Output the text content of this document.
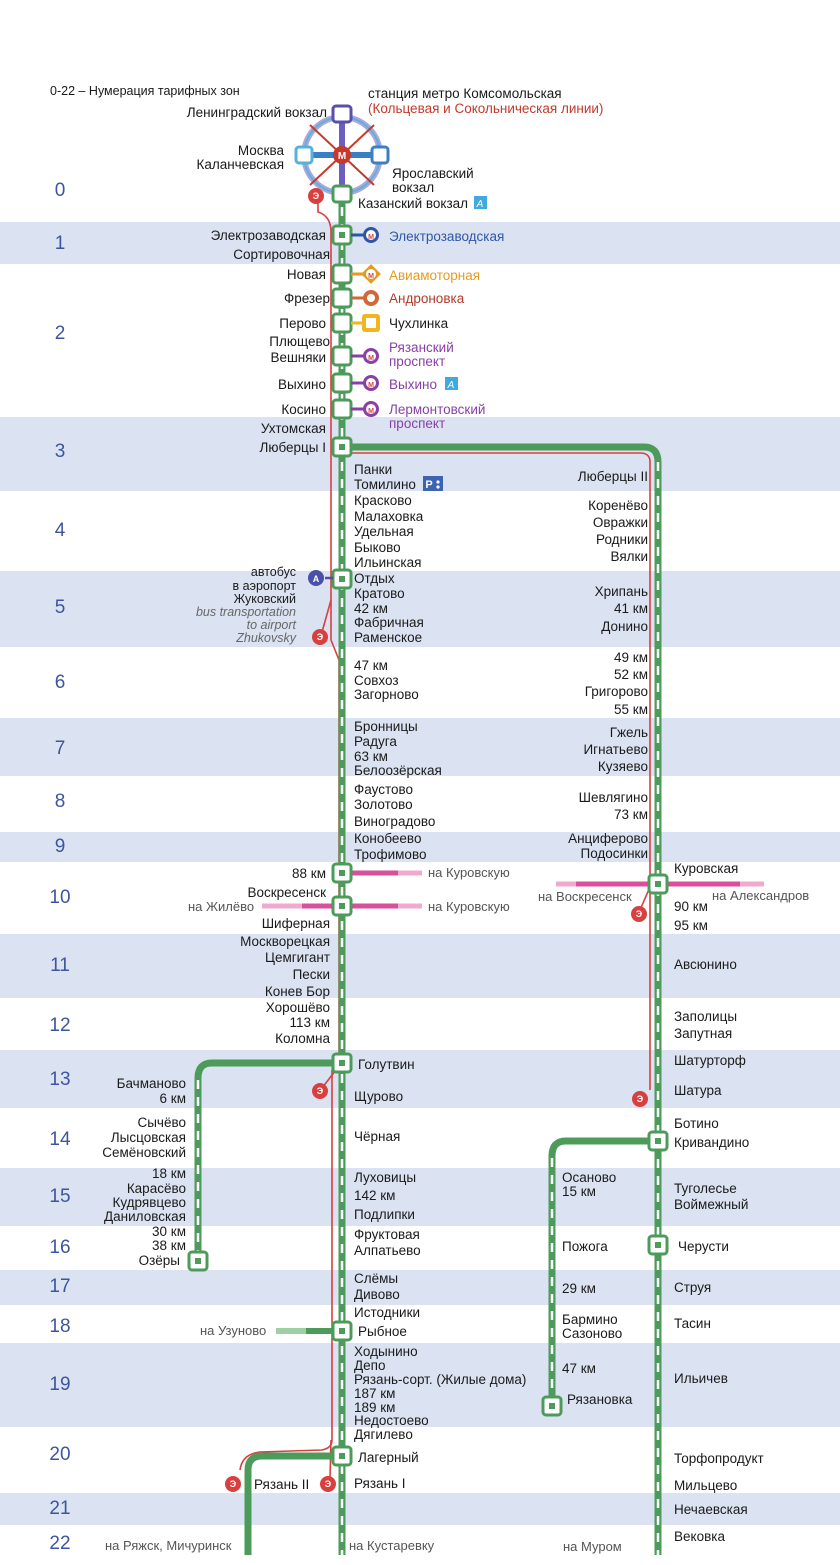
0
1
2
3
4
5
6
7
8
9
10
11
12
13
14
15
16
17
18
19
20
21
22
M
M
M
M
M
M
Э
Э
Э
Э
Э
Э	Э
A
A
A
P
0-22 – Нумерация тарифных зон	станция метро Комсомольская
(Кольцевая и Сокольническая линии)
Ленинградский вокзал
Москва
Каланчевская
Ярославский
вокзал
Казанский вокзал
Электрозаводская
Сортировочная
Новая
Фрезер
Перово
Плющево
Вешняки
Выхино
Косино
Ухтомская
Люберцы I
Электрозаводская
Авиамоторная
Андроновка
Чухлинка
Рязанский
проспект
Выхино
Лермонтовский
проспект
Панки
Томилино
Красково
Малаховка
Удельная
Быково
Ильинская
Отдых
Кратово
42 км
Фабричная
Раменское
47 км
Совхоз
Загорново
Бронницы
Радуга
63 км
Белоозёрская
Фаустово
Золотово
Виноградово
Конобеево
Трофимово
88 км
Воскресенск
Шиферная
Москворецкая
Цемгигант
Пески
Конев Бор
Хорошёво
113 км
Коломна
Голутвин
Щурово
Чёрная
Луховицы
142 км
Подлипки
Фруктовая
Алпатьево
Слёмы
Дивово
Истодники
Рыбное
Ходынино
Депо
Рязань-сорт. (Жилые дома)
187 км
189 км
Недостоево
Дягилево
Лагерный
Рязань I
Рязань II
автобус
в аэропорт
Жуковский
bus transportation
to airport
Zhukovsky
Люберцы II
Коренёво
Овражки
Родники
Вялки
Хрипань
41 км
Донино
49 км
52 км
Григорово
55 км
Гжель
Игнатьево
Кузяево
Шевлягино
73 км
Анциферово
Подосинки
Куровская
90 км
95 км
Авсюнино
Заполицы
Запутная
Шатурторф
Шатура
Ботино
Кривандино
Туголесье
Воймежный
Черусти
Струя
Тасин
Ильичев
Торфопродукт
Мильцево
Нечаевская
Вековка
Осаново
15 км
Пожога
29 км
Бармино
Сазоново
47 км
Рязановка
Бачманово
6 км
Сычёво
Лысцовская
Семёновский
18 км
Карасёво
Кудрявцево
Даниловская
30 км
38 км
Озёры
на Куровскую
на Куровскую
на Жилёво
на Воскресенск	на Александров
на Узуново
на Ряжск, Мичуринск	на Кустаревку	на Муром
